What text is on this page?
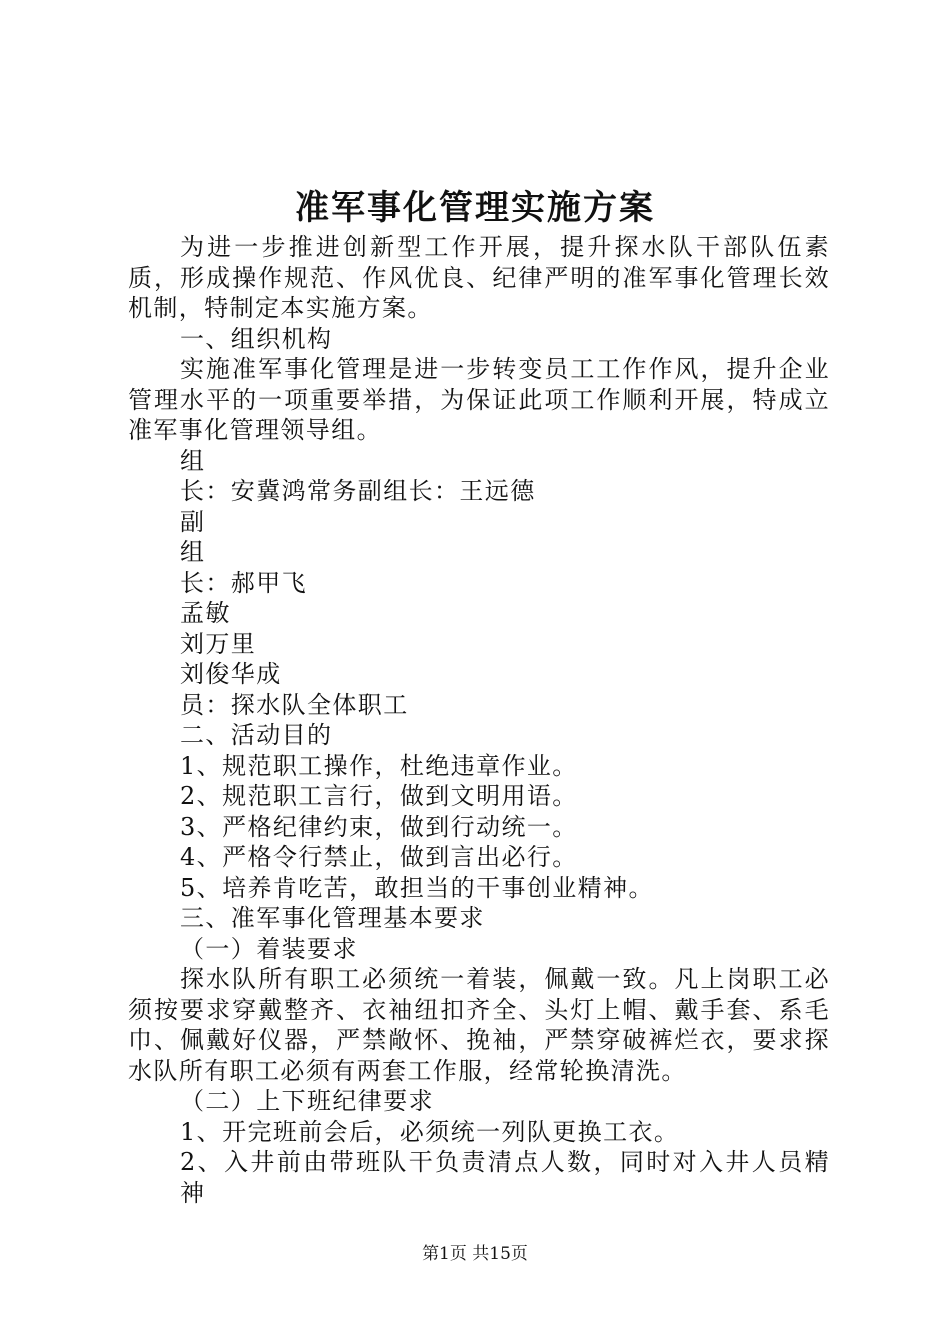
准军事化管理实施方案

为进一步推进创新型工作开展，提升探水队干部队伍素质，形成操作规范、作风优良、纪律严明的准军事化管理长效机制，特制定本实施方案。

一、组织机构

实施准军事化管理是进一步转变员工工作作风，提升企业管理水平的一项重要举措，为保证此项工作顺利开展，特成立准军事化管理领导组。

组

长：安冀鸿常务副组长：王远德

副

组

长：郝甲飞

孟敏

刘万里

刘俊华成

员：探水队全体职工

二、活动目的

1、规范职工操作，杜绝违章作业。

2、规范职工言行，做到文明用语。

3、严格纪律约束，做到行动统一。

4、严格令行禁止，做到言出必行。

5、培养肯吃苦，敢担当的干事创业精神。

三、准军事化管理基本要求

（一）着装要求

探水队所有职工必须统一着装，佩戴一致。凡上岗职工必须按要求穿戴整齐、衣袖纽扣齐全、头灯上帽、戴手套、系毛巾、佩戴好仪器，严禁敞怀、挽袖，严禁穿破裤烂衣，要求探水队所有职工必须有两套工作服，经常轮换清洗。

（二）上下班纪律要求

1、开完班前会后，必须统一列队更换工衣。

2、入井前由带班队干负责清点人数，同时对入井人员精神

第1页 共15页
